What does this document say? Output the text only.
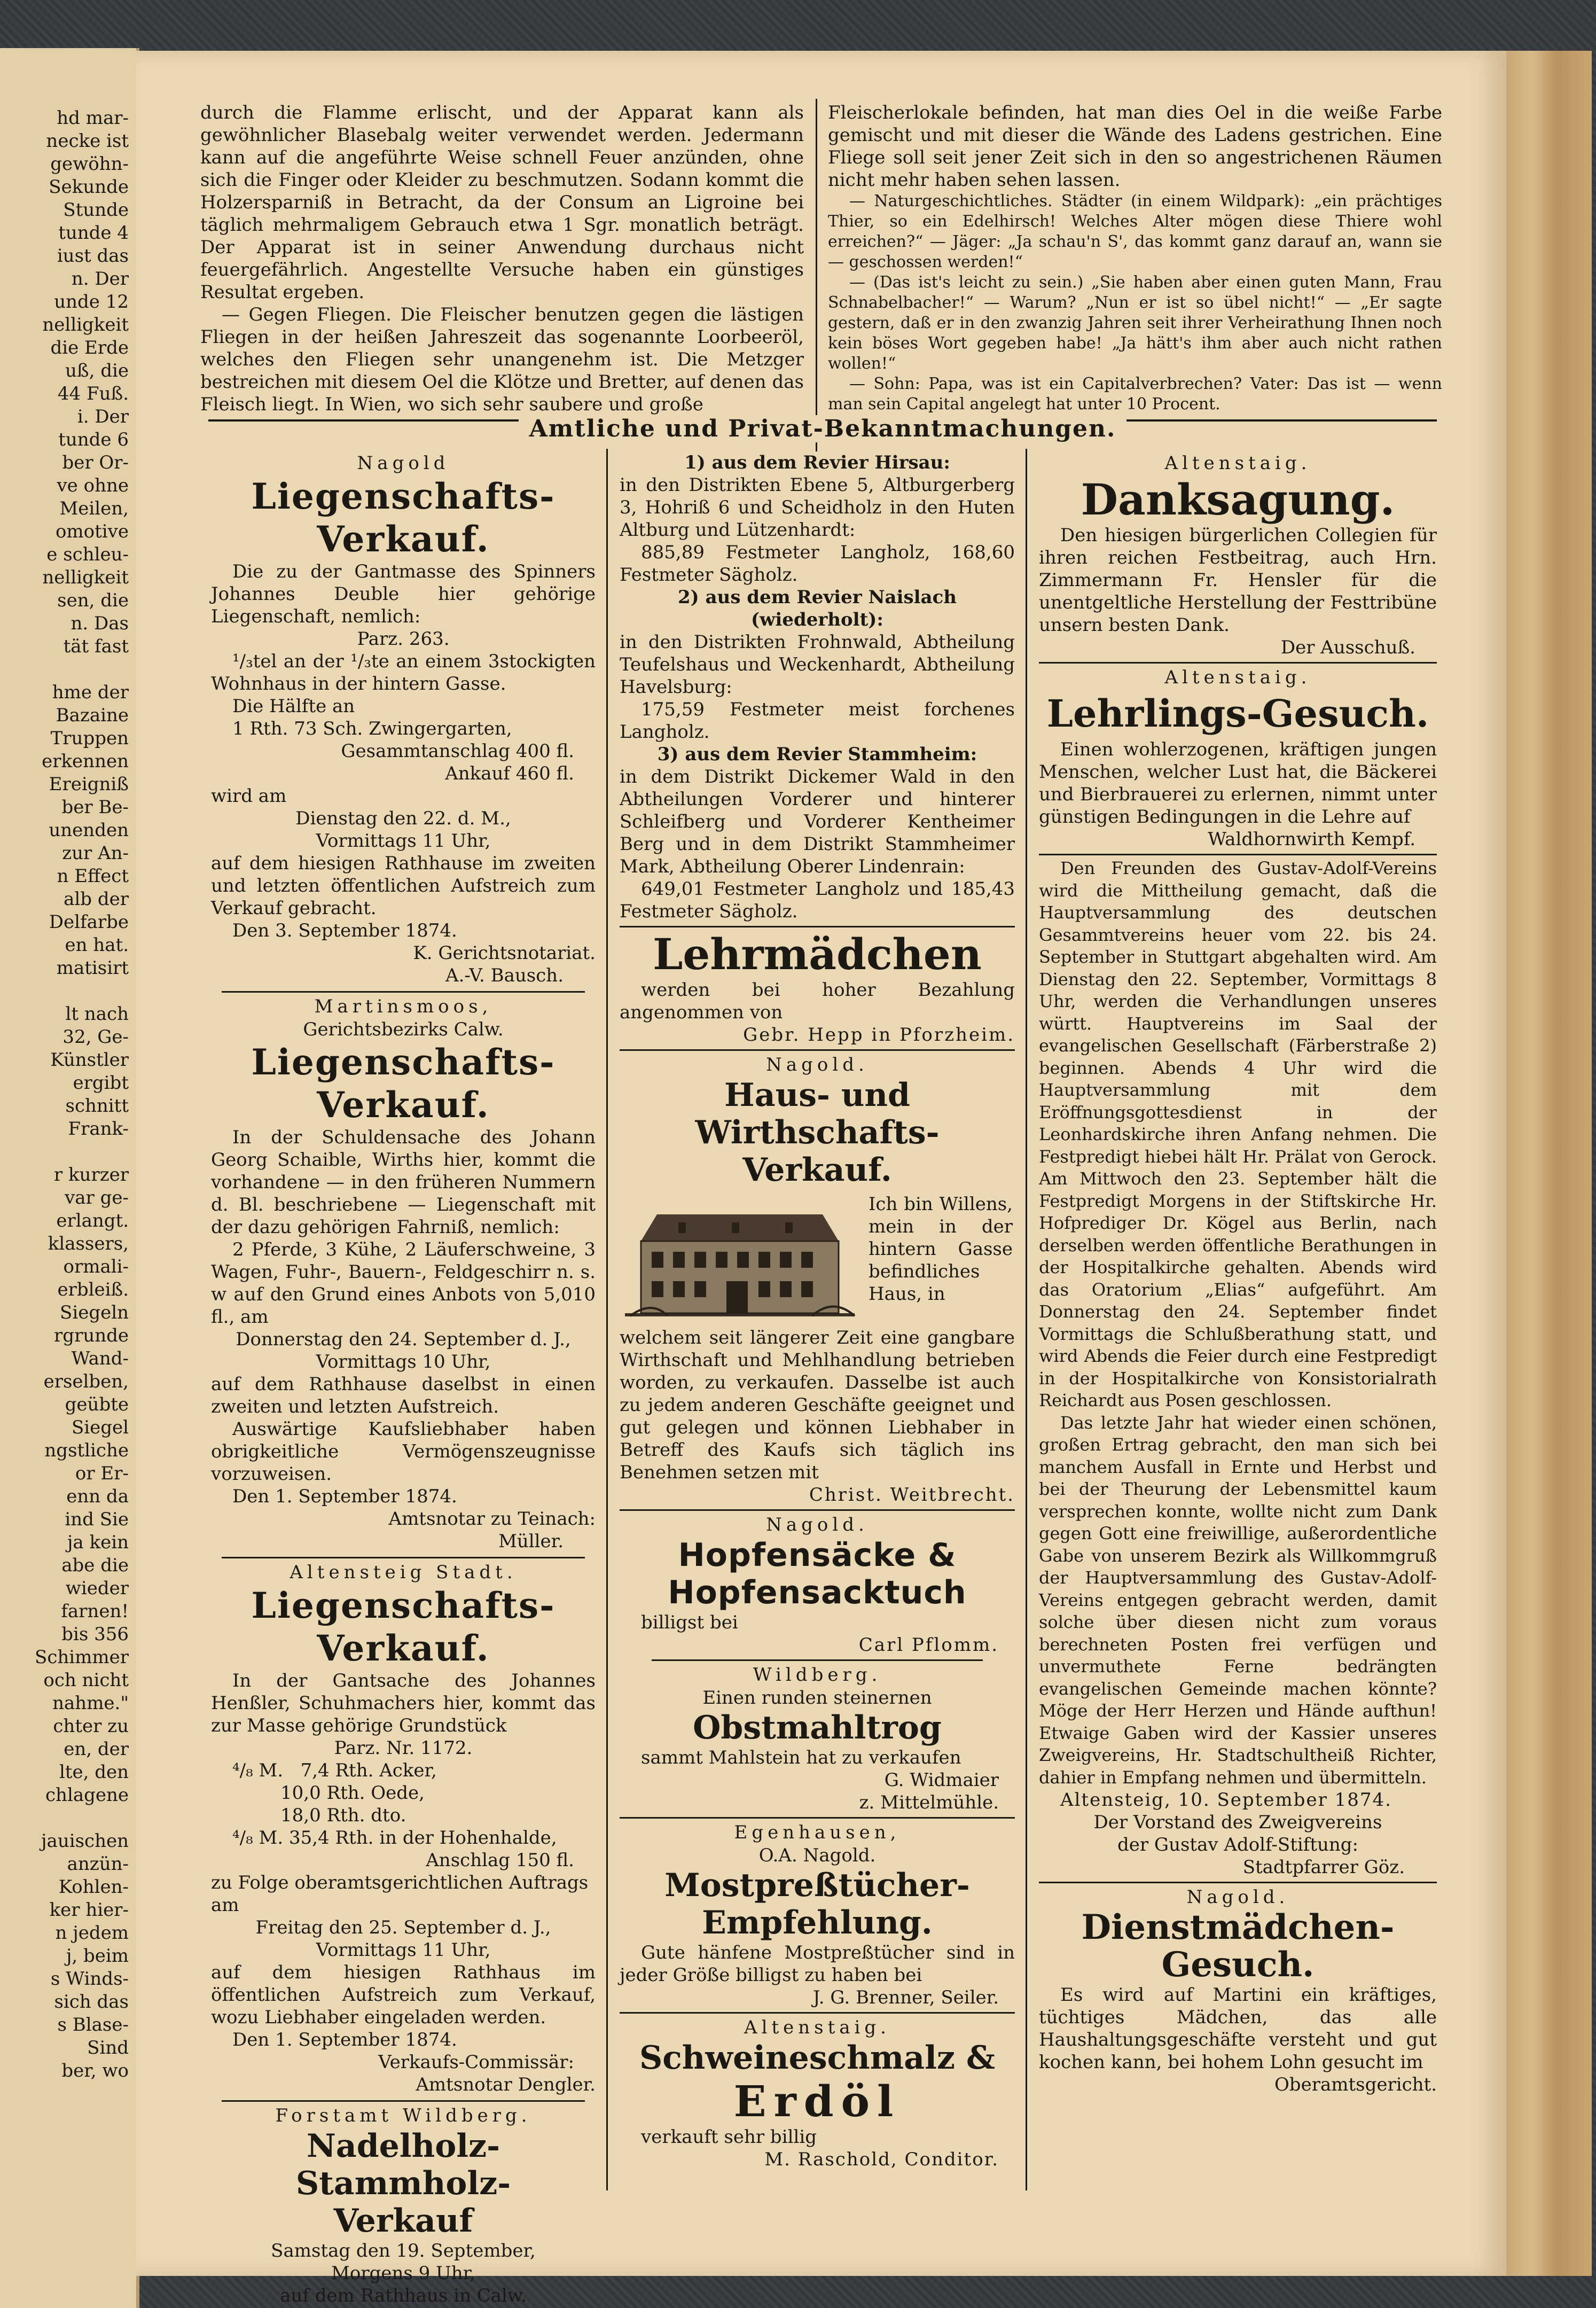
hd mar-
necke ist
gewöhn-
Sekunde
Stunde
tunde 4
iust das
n. Der
unde 12
nelligkeit
die Erde
uß, die
44 Fuß.
i. Der
tunde 6
ber Or-
ve ohne
Meilen,
omotive
e schleu-
nelligkeit
sen, die
n. Das
tät fast

hme der
Bazaine
Truppen
erkennen
Ereigniß
ber Be-
unenden
zur An-
n Effect
alb der
Delfarbe
en hat.
matisirt

lt nach
32, Ge-
Künstler
ergibt
schnitt
Frank-

r kurzer
var ge-
erlangt.
klassers,
ormali-
erbleiß.
Siegeln
rgrunde
Wand-
erselben,
geübte
Siegel
ngstliche
or Er-
enn da
ind Sie
ja kein
abe die
wieder
farnen!
bis 356
Schimmer
och nicht
nahme."
chter zu
en, der
lte, den
chlagene

jauischen
anzün-
Kohlen-
ker hier-
n jedem
j, beim
s Winds-
sich das
s Blase-
Sind
ber, wo

durch die Flamme erlischt, und der Apparat kann als gewöhnlicher Blasebalg weiter verwendet werden. Jedermann kann auf die angeführte Weise schnell Feuer anzünden, ohne sich die Finger oder Kleider zu beschmutzen. Sodann kommt die Holzersparniß in Betracht, da der Consum an Ligroine bei täglich mehrmaligem Gebrauch etwa 1 Sgr. monatlich beträgt. Der Apparat ist in seiner Anwendung durchaus nicht feuergefährlich. Angestellte Versuche haben ein günstiges Resultat ergeben.

— Gegen Fliegen. Die Fleischer benutzen gegen die lästigen Fliegen in der heißen Jahreszeit das sogenannte Loorbeeröl, welches den Fliegen sehr unangenehm ist. Die Metzger bestreichen mit diesem Oel die Klötze und Bretter, auf denen das Fleisch liegt. In Wien, wo sich sehr saubere und große

Fleischerlokale befinden, hat man dies Oel in die weiße Farbe gemischt und mit dieser die Wände des Ladens gestrichen. Eine Fliege soll seit jener Zeit sich in den so angestrichenen Räumen nicht mehr haben sehen lassen.

— Naturgeschichtliches. Städter (in einem Wildpark): „ein prächtiges Thier, so ein Edelhirsch! Welches Alter mögen diese Thiere wohl erreichen?“ — Jäger: „Ja schau'n S', das kommt ganz darauf an, wann sie — geschossen werden!“

— (Das ist's leicht zu sein.) „Sie haben aber einen guten Mann, Frau Schnabelbacher!“ — Warum? „Nun er ist so übel nicht!“ — „Er sagte gestern, daß er in den zwanzig Jahren seit ihrer Verheirathung Ihnen noch kein böses Wort gegeben habe! „Ja hätt's ihm aber auch nicht rathen wollen!“

— Sohn: Papa, was ist ein Capitalverbrechen? Vater: Das ist — wenn man sein Capital angelegt hat unter 10 Procent.

Amtliche und Privat-Bekanntmachungen.
Nagold
Liegenschafts-Verkauf.

Die zu der Gantmasse des Spinners Johannes Deuble hier gehörige Liegenschaft, nemlich:

Parz. 263.

¹/₃tel an der ¹/₃te an einem 3stockigten Wohnhaus in der hintern Gasse.

Die Hälfte an

1 Rth. 73 Sch. Zwingergarten,

Gesammtanschlag 400 fl.

Ankauf 460 fl.

wird am

Dienstag den 22. d. M.,

Vormittags 11 Uhr,

auf dem hiesigen Rathhause im zweiten und letzten öffentlichen Aufstreich zum Verkauf gebracht.

Den 3. September 1874.

K. Gerichtsnotariat.

A.-V. Bausch.

Martinsmoos,

Gerichtsbezirks Calw.

Liegenschafts-Verkauf.

In der Schuldensache des Johann Georg Schaible, Wirths hier, kommt die vorhandene — in den früheren Nummern d. Bl. beschriebene — Liegenschaft mit der dazu gehörigen Fahrniß, nemlich:

2 Pferde, 3 Kühe, 2 Läuferschweine, 3 Wagen, Fuhr-, Bauern-, Feldgeschirr n. s. w auf den Grund eines Anbots von 5,010 fl., am

Donnerstag den 24. September d. J.,

Vormittags 10 Uhr,

auf dem Rathhause daselbst in einen zweiten und letzten Aufstreich.

Auswärtige Kaufsliebhaber haben obrigkeitliche Vermögenszeugnisse vorzuweisen.

Den 1. September 1874.

Amtsnotar zu Teinach:

Müller.

Altensteig Stadt.
Liegenschafts-Verkauf.

In der Gantsache des Johannes Henßler, Schuhmachers hier, kommt das zur Masse gehörige Grundstück

Parz. Nr. 1172.

⁴/₈ M.   7,4 Rth. Acker,

10,0 Rth. Oede,

18,0 Rth. dto.

⁴/₈ M. 35,4 Rth. in der Hohenhalde,

Anschlag 150 fl.

zu Folge oberamtsgerichtlichen Auftrags am

Freitag den 25. September d. J.,

Vormittags 11 Uhr,

auf dem hiesigen Rathhaus im öffentlichen Aufstreich zum Verkauf, wozu Liebhaber eingeladen werden.

Den 1. September 1874.

Verkaufs-Commissär:

Amtsnotar Dengler.

Forstamt Wildberg.
Nadelholz-Stammholz-
Verkauf

Samstag den 19. September,

Morgens 9 Uhr,

auf dem Rathhaus in Calw.

1) aus dem Revier Hirsau:

in den Distrikten Ebene 5, Altburgerberg 3, Hohriß 6 und Scheidholz in den Huten Altburg und Lützenhardt:

885,89 Festmeter Langholz, 168,60 Festmeter Sägholz.

2) aus dem Revier Naislach (wiederholt):

in den Distrikten Frohnwald, Abtheilung Teufelshaus und Weckenhardt, Abtheilung Havelsburg:

175,59 Festmeter meist forchenes Langholz.

3) aus dem Revier Stammheim:

in dem Distrikt Dickemer Wald in den Abtheilungen Vorderer und hinterer Schleifberg und Vorderer Kentheimer Berg und in dem Distrikt Stammheimer Mark, Abtheilung Oberer Lindenrain:

649,01 Festmeter Langholz und 185,43 Festmeter Sägholz.

Lehrmädchen

werden bei hoher Bezahlung angenommen von

Gebr. Hepp in Pforzheim.

Nagold.
Haus- und Wirthschafts-
Verkauf.

Ich bin Willens, mein in der hintern Gasse befindliches Haus, in

welchem seit längerer Zeit eine gangbare Wirthschaft und Mehlhandlung betrieben worden, zu verkaufen. Dasselbe ist auch zu jedem anderen Geschäfte geeignet und gut gelegen und können Liebhaber in Betreff des Kaufs sich täglich ins Benehmen setzen mit

Christ. Weitbrecht.

Nagold.
Hopfensäcke &
Hopfensacktuch

billigst bei

Carl Pflomm.

Wildberg.

Einen runden steinernen

Obstmahltrog

sammt Mahlstein hat zu verkaufen

G. Widmaier

z. Mittelmühle.

Egenhausen,

O.A. Nagold.

Mostpreßtücher-
Empfehlung.

Gute hänfene Mostpreßtücher sind in jeder Größe billigst zu haben bei

J. G. Brenner, Seiler.

Altenstaig.
Schweineschmalz &
Erdöl

verkauft sehr billig

M. Raschold, Conditor.

Altenstaig.
Danksagung.

Den hiesigen bürgerlichen Collegien für ihren reichen Festbeitrag, auch Hrn. Zimmermann Fr. Hensler für die unentgeltliche Herstellung der Festtribüne unsern besten Dank.

Der Ausschuß.

Altenstaig.
Lehrlings-Gesuch.

Einen wohlerzogenen, kräftigen jungen Menschen, welcher Lust hat, die Bäckerei und Bierbrauerei zu erlernen, nimmt unter günstigen Bedingungen in die Lehre auf

Waldhornwirth Kempf.

Den Freunden des Gustav-Adolf-Vereins wird die Mittheilung gemacht, daß die Hauptversammlung des deutschen Gesammtvereins heuer vom 22. bis 24. September in Stuttgart abgehalten wird. Am Dienstag den 22. September, Vormittags 8 Uhr, werden die Verhandlungen unseres württ. Hauptvereins im Saal der evangelischen Gesellschaft (Färberstraße 2) beginnen. Abends 4 Uhr wird die Hauptversammlung mit dem Eröffnungsgottesdienst in der Leonhardskirche ihren Anfang nehmen. Die Festpredigt hiebei hält Hr. Prälat von Gerock. Am Mittwoch den 23. September hält die Festpredigt Morgens in der Stiftskirche Hr. Hofprediger Dr. Kögel aus Berlin, nach derselben werden öffentliche Berathungen in der Hospitalkirche gehalten. Abends wird das Oratorium „Elias“ aufgeführt. Am Donnerstag den 24. September findet Vormittags die Schlußberathung statt, und wird Abends die Feier durch eine Festpredigt in der Hospitalkirche von Konsistorialrath Reichardt aus Posen geschlossen.

Das letzte Jahr hat wieder einen schönen, großen Ertrag gebracht, den man sich bei manchem Ausfall in Ernte und Herbst und bei der Theurung der Lebensmittel kaum versprechen konnte, wollte nicht zum Dank gegen Gott eine freiwillige, außerordentliche Gabe von unserem Bezirk als Willkommgruß der Hauptversammlung des Gustav-Adolf-Vereins entgegen gebracht werden, damit solche über diesen nicht zum voraus berechneten Posten frei verfügen und unvermuthete Ferne bedrängten evangelischen Gemeinde machen könnte? Möge der Herr Herzen und Hände aufthun! Etwaige Gaben wird der Kassier unseres Zweigvereins, Hr. Stadtschultheiß Richter, dahier in Empfang nehmen und übermitteln.

Altensteig, 10. September 1874.

Der Vorstand des Zweigvereins

der Gustav Adolf-Stiftung:

Stadtpfarrer Göz.

Nagold.
Dienstmädchen-Gesuch.

Es wird auf Martini ein kräftiges, tüchtiges Mädchen, das alle Haushaltungsgeschäfte versteht und gut kochen kann, bei hohem Lohn gesucht im

Oberamtsgericht.
